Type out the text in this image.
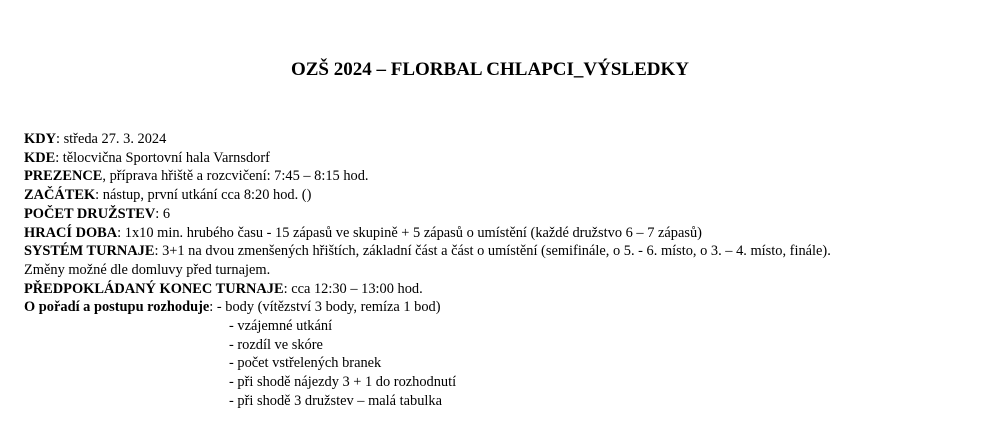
OZŠ 2024 – FLORBAL CHLAPCI_VÝSLEDKY
KDY: středa 27. 3. 2024
KDE: tělocvična Sportovní hala Varnsdorf
PREZENCE, příprava hřiště a rozcvičení: 7:45 – 8:15 hod.
ZAČÁTEK: nástup, první utkání cca 8:20 hod. ()
POČET DRUŽSTEV: 6
HRACÍ DOBA: 1x10 min. hrubého času - 15 zápasů ve skupině + 5 zápasů o umístění (každé družstvo 6 – 7 zápasů)
SYSTÉM TURNAJE: 3+1 na dvou zmenšených hřištích, základní část a část o umístění (semifinále, o 5. - 6. místo, o 3. – 4. místo, finále).
Změny možné dle domluvy před turnajem.
PŘEDPOKLÁDANÝ KONEC TURNAJE: cca 12:30 – 13:00 hod.
O pořadí a postupu rozhoduje: - body (vítězství 3 body, remíza 1 bod)
- vzájemné utkání
- rozdíl ve skóre
- počet vstřelených branek
- při shodě nájezdy 3 + 1 do rozhodnutí
- při shodě 3 družstev – malá tabulka
